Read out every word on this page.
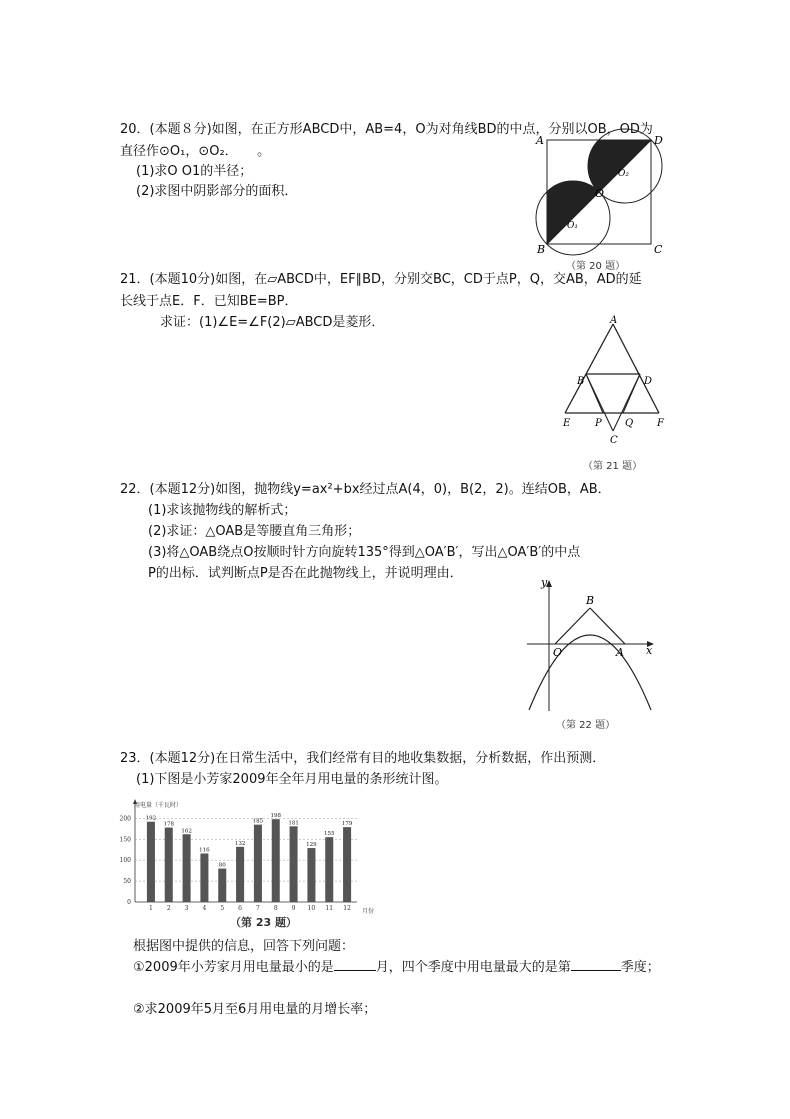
20．(本题８分)如图，在正方形ABCD中，AB=4，O为对角线BD的中点，分别以OB，OD为
直径作⊙O₁，⊙O₂．　　。
(1)求O O1的半径；
(2)求图中阴影部分的面积．
A
B	C
D
O
O₁
O₂
（第 20 题）
21．(本题10分)如图，在▱ABCD中，EF∥BD，分别交BC，CD于点P，Q，交AB，AD的延
长线于点E．F．已知BE=BP．
求证：(1)∠E=∠F(2)▱ABCD是菱形．	A
B	D
E	F
P Q
C
（第 21 题）
22．(本题12分)如图，抛物线y=ax²+bx经过点A(4，0)，B(2，2)。连结OB，AB．
(1)求该抛物线的解析式；
(2)求证：△OAB是等腰直角三角形；
(3)将△OAB绕点O按顺时针方向旋转135°得到△OA′B′，写出△OA′B′的中点
P的出标．试判断点P是否在此抛物线上，并说明理由．
y
x
O	A
B
（第 22 题）
23．(本题12分)在日常生活中，我们经常有目的地收集数据，分析数据，作出预测．
(1)下图是小芳家2009年全年月用电量的条形统计图。
192
178
162
116
80
132
185
198
181
129
155
179
0
50
100
150
200
1 2 3 4 5 6 7 8 9 10 11 12
用电量（千瓦时）
月份
（第 23 题）
根据图中提供的信息，回答下列问题：
①2009年小芳家月用电量最小的是	月，四个季度中用电量最大的是第	季度；
②求2009年5月至6月用电量的月增长率；
